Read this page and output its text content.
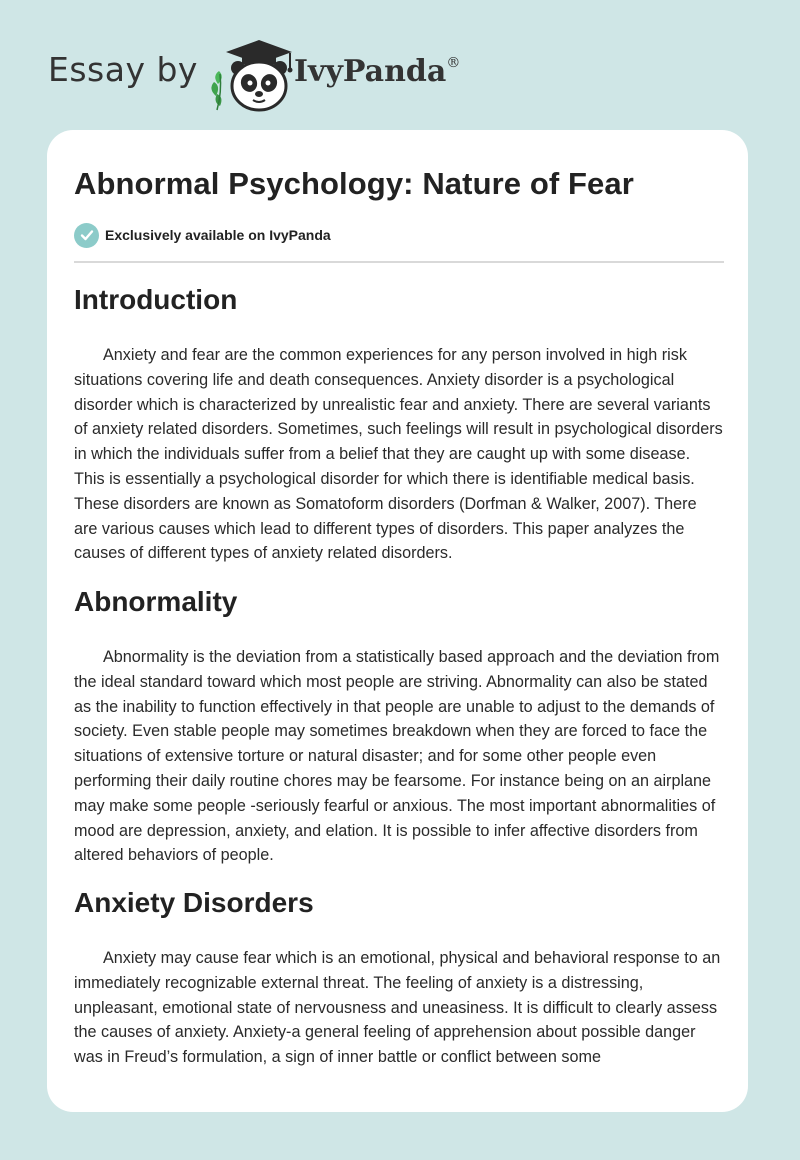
Essay by	IvyPanda®
Abnormal Psychology: Nature of Fear
Exclusively available on IvyPanda
Introduction

Anxiety and fear are the common experiences for any person involved in high risk situations covering life and death consequences. Anxiety disorder is a psychological disorder which is characterized by unrealistic fear and anxiety. There are several variants of anxiety related disorders. Sometimes, such feelings will result in psychological disorders in which the individuals suffer from a belief that they are caught up with some disease. This is essentially a psychological disorder for which there is identifiable medical basis. These disorders are known as Somatoform disorders (Dorfman & Walker, 2007). There are various causes which lead to different types of disorders. This paper analyzes the causes of different types of anxiety related disorders.

Abnormality

Abnormality is the deviation from a statistically based approach and the deviation from the ideal standard toward which most people are striving. Abnormality can also be stated as the inability to function effectively in that people are unable to adjust to the demands of society. Even stable people may sometimes breakdown when they are forced to face the situations of extensive torture or natural disaster; and for some other people even performing their daily routine chores may be fearsome. For instance being on an airplane may make some people -seriously fearful or anxious. The most important abnormalities of mood are depression, anxiety, and elation. It is possible to infer affective disorders from altered behaviors of people.

Anxiety Disorders

Anxiety may cause fear which is an emotional, physical and behavioral response to an immediately recognizable external threat. The feeling of anxiety is a distressing, unpleasant, emotional state of nervousness and uneasiness. It is difficult to clearly assess the causes of anxiety. Anxiety-a general feeling of apprehension about possible danger was in Freud’s formulation, a sign of inner battle or conflict between some
